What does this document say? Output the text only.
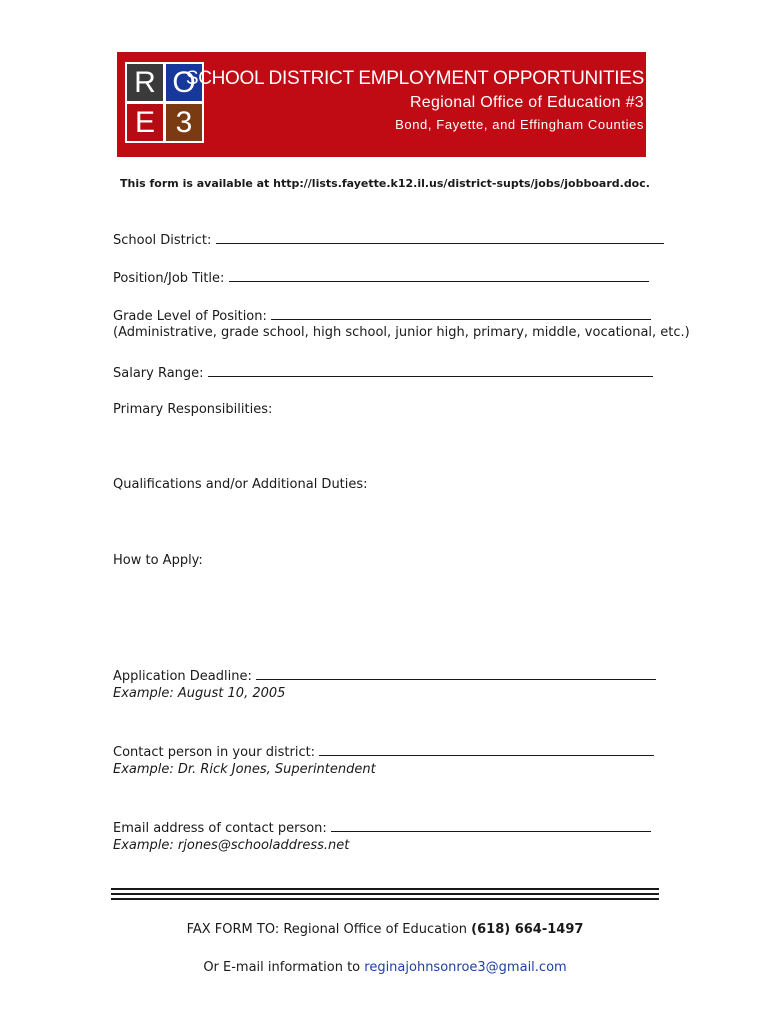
R O
E 3
SCHOOL DISTRICT EMPLOYMENT OPPORTUNITIES
Regional Office of Education #3
Bond, Fayette, and Effingham Counties
This form is available at http://lists.fayette.k12.il.us/district-supts/jobs/jobboard.doc.
School District:
Position/Job Title:
Grade Level of Position:
(Administrative, grade school, high school, junior high, primary, middle, vocational, etc.)
Salary Range:
Primary Responsibilities:
Qualifications and/or Additional Duties:
How to Apply:
Application Deadline:
Example: August 10, 2005
Contact person in your district:
Example: Dr. Rick Jones, Superintendent
Email address of contact person:
Example: rjones@schooladdress.net
FAX FORM TO: Regional Office of Education (618) 664-1497
Or E-mail information to reginajohnsonroe3@gmail.com
